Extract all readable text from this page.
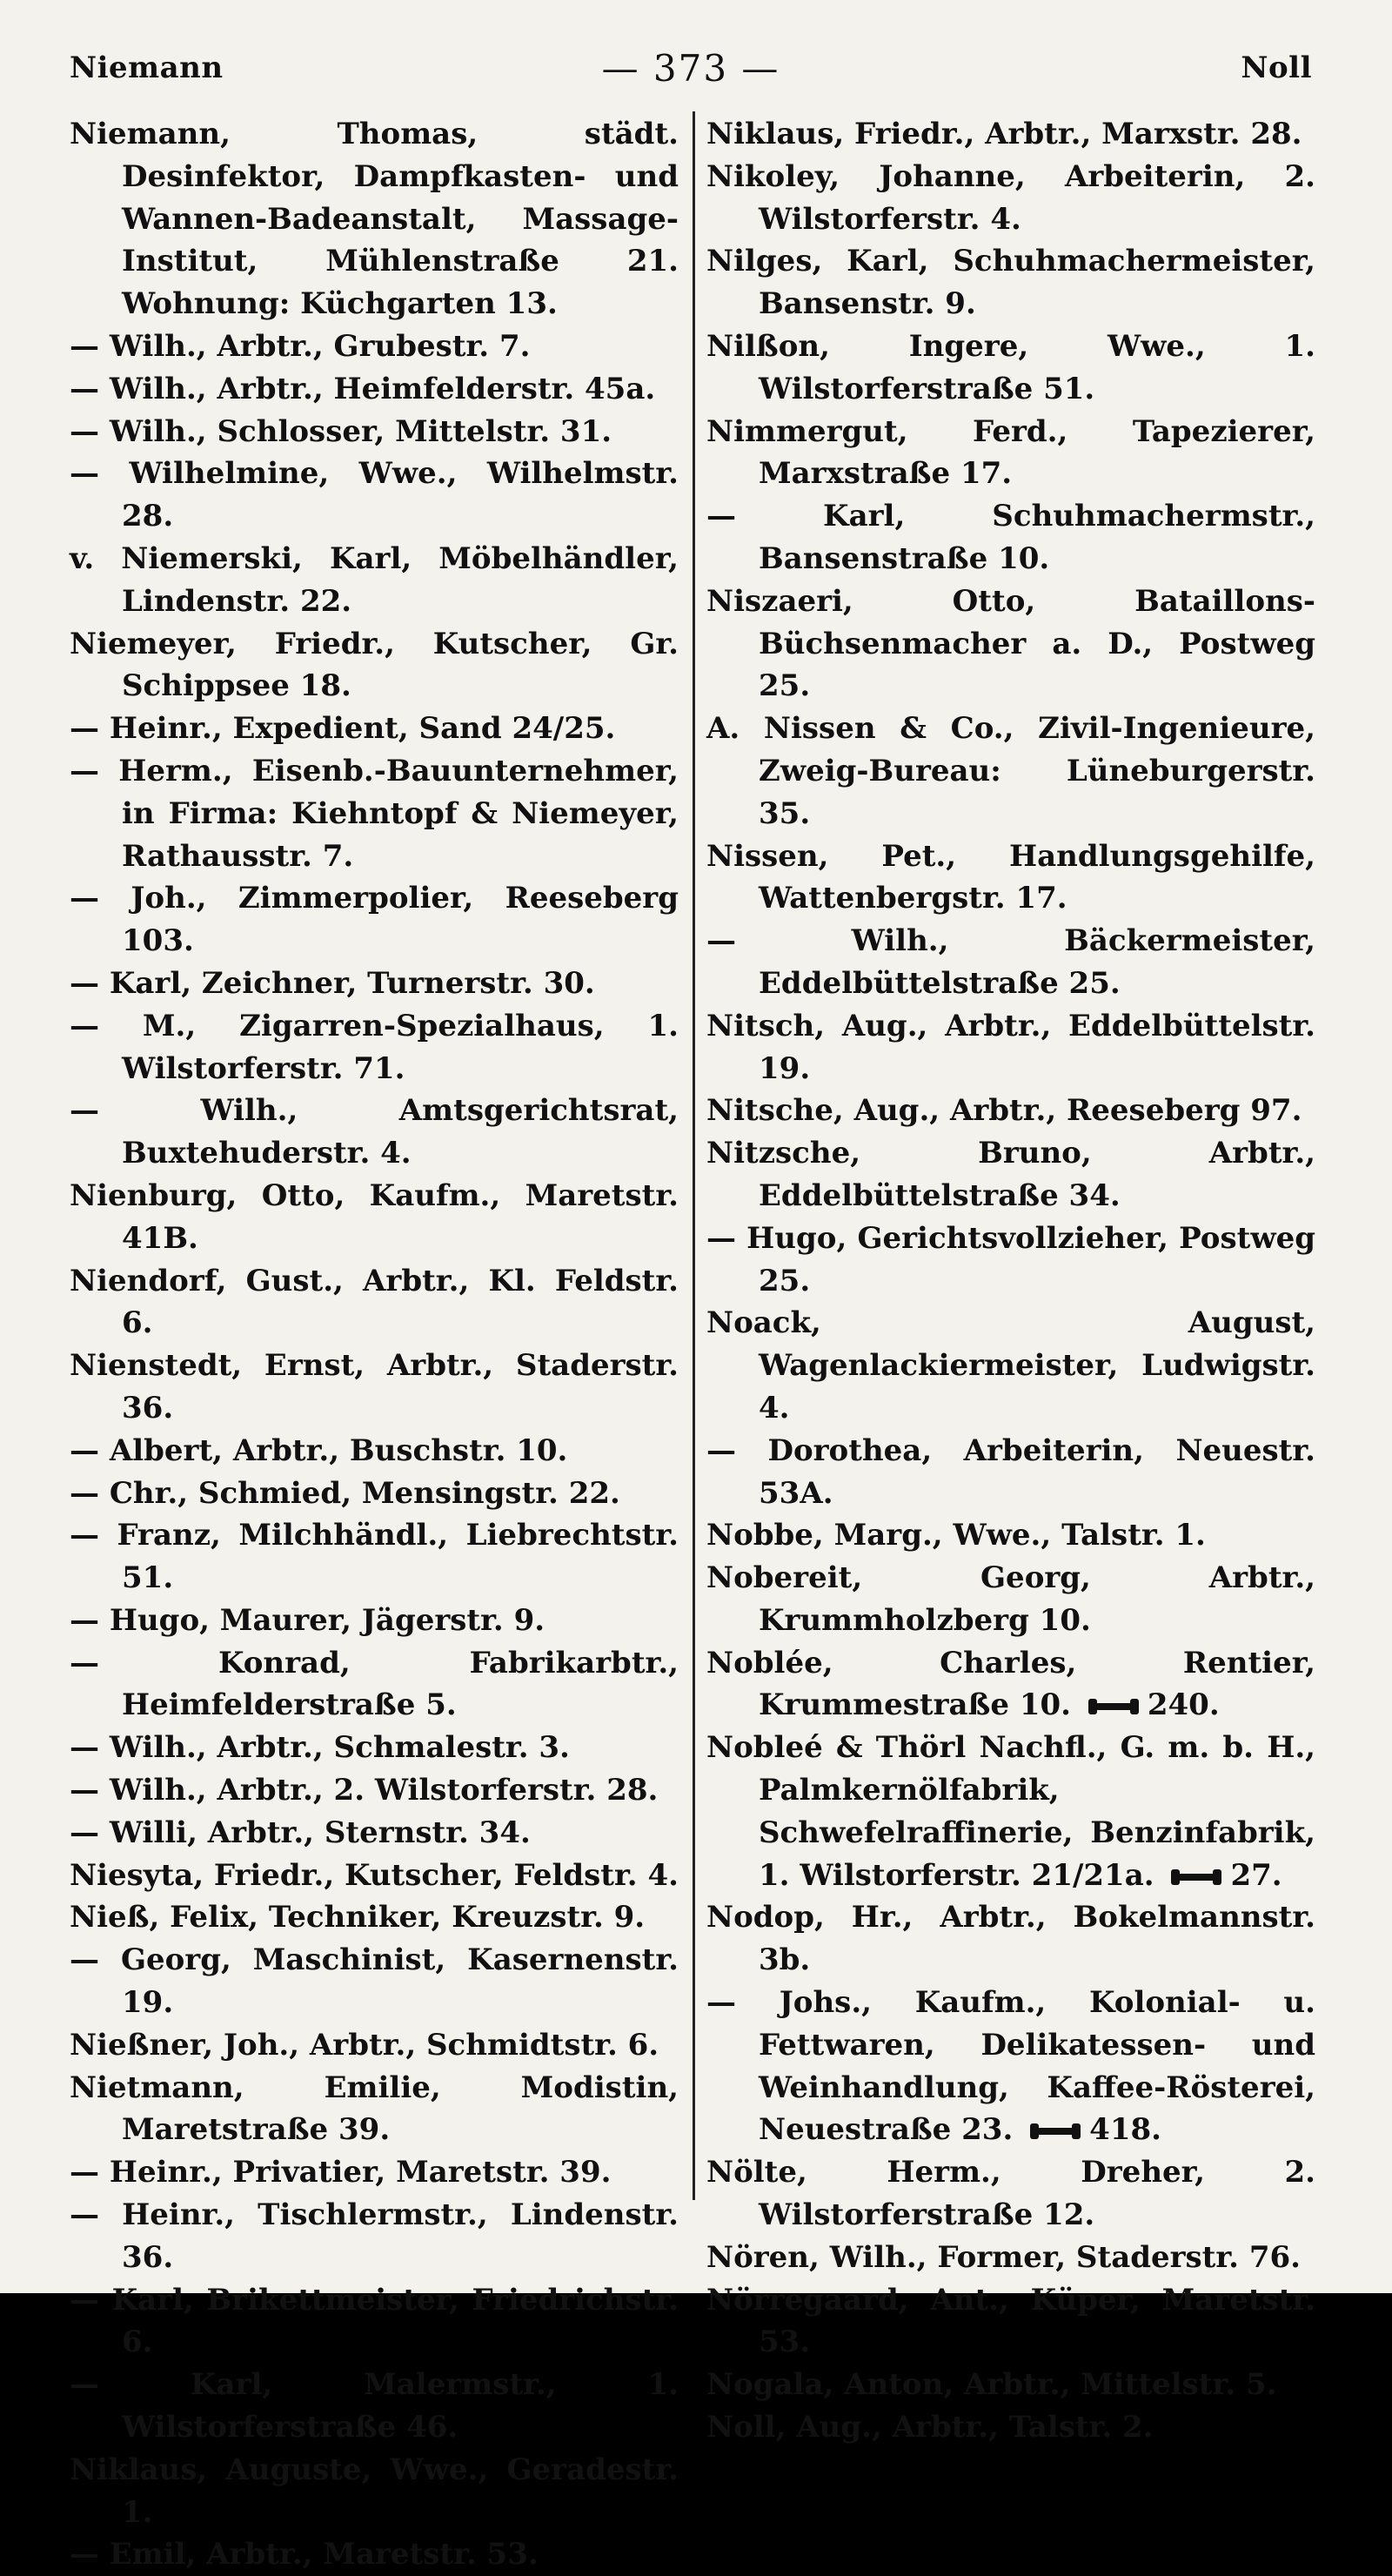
Niemann	— 373 —	Noll

Niemann, Thomas, städt. Desinfektor, Dampfkasten- und Wannen-Badeanstalt, Massage-Institut, Mühlenstraße 21. Wohnung: Küchgarten 13.

— Wilh., Arbtr., Grubestr. 7.

— Wilh., Arbtr., Heimfelderstr. 45a.

— Wilh., Schlosser, Mittelstr. 31.

— Wilhelmine, Wwe., Wilhelmstr. 28.

v. Niemerski, Karl, Möbelhändler, Lindenstr. 22.

Niemeyer, Friedr., Kutscher, Gr. Schippsee 18.

— Heinr., Expedient, Sand 24/25.

— Herm., Eisenb.-Bauunternehmer, in Firma: Kiehntopf & Niemeyer, Rathausstr. 7.

— Joh., Zimmerpolier, Reeseberg 103.

— Karl, Zeichner, Turnerstr. 30.

— M., Zigarren-Spezialhaus, 1. Wilstorferstr. 71.

— Wilh., Amtsgerichtsrat, Buxtehuderstr. 4.

Nienburg, Otto, Kaufm., Maretstr. 41B.

Niendorf, Gust., Arbtr., Kl. Feldstr. 6.

Nienstedt, Ernst, Arbtr., Staderstr. 36.

— Albert, Arbtr., Buschstr. 10.

— Chr., Schmied, Mensingstr. 22.

— Franz, Milchhändl., Liebrechtstr. 51.

— Hugo, Maurer, Jägerstr. 9.

— Konrad, Fabrikarbtr., Heimfelderstraße 5.

— Wilh., Arbtr., Schmalestr. 3.

— Wilh., Arbtr., 2. Wilstorferstr. 28.

— Willi, Arbtr., Sternstr. 34.

Niesyta, Friedr., Kutscher, Feldstr. 4.

Nieß, Felix, Techniker, Kreuzstr. 9.

— Georg, Maschinist, Kasernenstr. 19.

Nießner, Joh., Arbtr., Schmidtstr. 6.

Nietmann, Emilie, Modistin, Maretstraße 39.

— Heinr., Privatier, Maretstr. 39.

— Heinr., Tischlermstr., Lindenstr. 36.

— Karl, Brikettmeister, Friedrichstr. 6.

— Karl, Malermstr., 1. Wilstorferstraße 46.

Niklaus, Auguste, Wwe., Geradestr. 1.

— Emil, Arbtr., Maretstr. 53.

Niklaus, Friedr., Arbtr., Marxstr. 28.

Nikoley, Johanne, Arbeiterin, 2. Wilstorferstr. 4.

Nilges, Karl, Schuhmachermeister, Bansenstr. 9.

Nilßon, Ingere, Wwe., 1. Wilstorferstraße 51.

Nimmergut, Ferd., Tapezierer, Marxstraße 17.

— Karl, Schuhmachermstr., Bansenstraße 10.

Niszaeri, Otto, Bataillons-Büchsenmacher a. D., Postweg 25.

A. Nissen & Co., Zivil-Ingenieure, Zweig-Bureau: Lüneburgerstr. 35.

Nissen, Pet., Handlungsgehilfe, Wattenbergstr. 17.

— Wilh., Bäckermeister, Eddelbüttelstraße 25.

Nitsch, Aug., Arbtr., Eddelbüttelstr. 19.

Nitsche, Aug., Arbtr., Reeseberg 97.

Nitzsche, Bruno, Arbtr., Eddelbüttelstraße 34.

— Hugo, Gerichtsvollzieher, Postweg 25.

Noack, August, Wagenlackiermeister, Ludwigstr. 4.

— Dorothea, Arbeiterin, Neuestr. 53A.

Nobbe, Marg., Wwe., Talstr. 1.

Nobereit, Georg, Arbtr., Krummholzberg 10.

Noblée, Charles, Rentier, Krummestraße 10.	240.

Nobleé & Thörl Nachfl., G. m. b. H., Palmkernölfabrik, Schwefelraffinerie, Benzinfabrik, 1. Wilstorferstr. 21/21a.	27.

Nodop, Hr., Arbtr., Bokelmannstr. 3b.

— Johs., Kaufm., Kolonial- u. Fettwaren, Delikatessen- und Weinhandlung, Kaffee-Rösterei, Neuestraße 23.	418.

Nölte, Herm., Dreher, 2. Wilstorferstraße 12.

Nören, Wilh., Former, Staderstr. 76.

Nörregaard, Ant., Küper, Maretstr. 53.

Nogala, Anton, Arbtr., Mittelstr. 5.

Noll, Aug., Arbtr., Talstr. 2.
